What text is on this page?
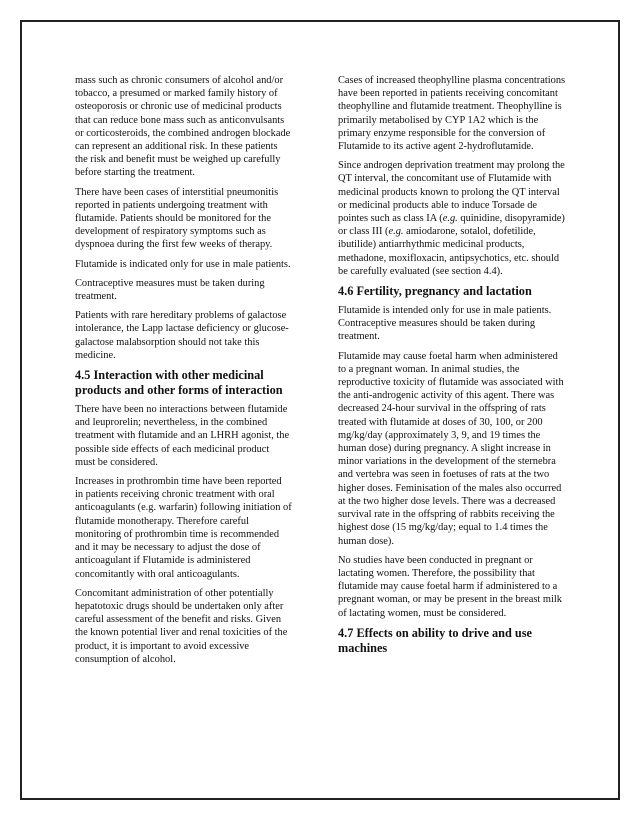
mass such as chronic consumers of alcohol and/or tobacco, a presumed or marked family history of osteoporosis or chronic use of medicinal products that can reduce bone mass such as anticonvulsants or corticosteroids, the combined androgen blockade can represent an additional risk. In these patients the risk and benefit must be weighed up carefully before starting the treatment.

There have been cases of interstitial pneumonitis reported in patients undergoing treatment with flutamide. Patients should be monitored for the development of respiratory symptoms such as dyspnoea during the first few weeks of therapy.

Flutamide is indicated only for use in male patients.

Contraceptive measures must be taken during treatment.

Patients with rare hereditary problems of galactose intolerance, the Lapp lactase deficiency or glucose-galactose malabsorption should not take this medicine.

4.5 Interaction with other medicinal products and other forms of interaction

There have been no interactions between flutamide and leuprorelin; nevertheless, in the combined treatment with flutamide and an LHRH agonist, the possible side effects of each medicinal product must be considered.

Increases in prothrombin time have been reported in patients receiving chronic treatment with oral anticoagulants (e.g. warfarin) following initiation of flutamide monotherapy. Therefore careful monitoring of prothrombin time is recommended and it may be necessary to adjust the dose of anticoagulant if Flutamide is administered concomitantly with oral anticoagulants.

Concomitant administration of other potentially hepatotoxic drugs should be undertaken only after careful assessment of the benefit and risks. Given the known potential liver and renal toxicities of the product, it is important to avoid excessive consumption of alcohol.

Cases of increased theophylline plasma concentrations have been reported in patients receiving concomitant theophylline and flutamide treatment. Theophylline is primarily metabolised by CYP 1A2 which is the primary enzyme responsible for the conversion of Flutamide to its active agent 2-hydroflutamide.

Since androgen deprivation treatment may prolong the QT interval, the concomitant use of Flutamide with medicinal products known to prolong the QT interval or medicinal products able to induce Torsade de pointes such as class IA (e.g. quinidine, disopyramide) or class III (e.g. amiodarone, sotalol, dofetilide, ibutilide) antiarrhythmic medicinal products, methadone, moxifloxacin, antipsychotics, etc. should be carefully evaluated (see section 4.4).

4.6 Fertility, pregnancy and lactation

Flutamide is intended only for use in male patients. Contraceptive measures should be taken during treatment.

Flutamide may cause foetal harm when administered to a pregnant woman. In animal studies, the reproductive toxicity of flutamide was associated with the anti-androgenic activity of this agent. There was decreased 24-hour survival in the offspring of rats treated with flutamide at doses of 30, 100, or 200 mg/kg/day (approximately 3, 9, and 19 times the human dose) during pregnancy. A slight increase in minor variations in the development of the sternebra and vertebra was seen in foetuses of rats at the two higher doses. Feminisation of the males also occurred at the two higher dose levels. There was a decreased survival rate in the offspring of rabbits receiving the highest dose (15 mg/kg/day; equal to 1.4 times the human dose).

No studies have been conducted in pregnant or lactating women. Therefore, the possibility that flutamide may cause foetal harm if administered to a pregnant woman, or may be present in the breast milk of lactating women, must be considered.

4.7 Effects on ability to drive and use machines
